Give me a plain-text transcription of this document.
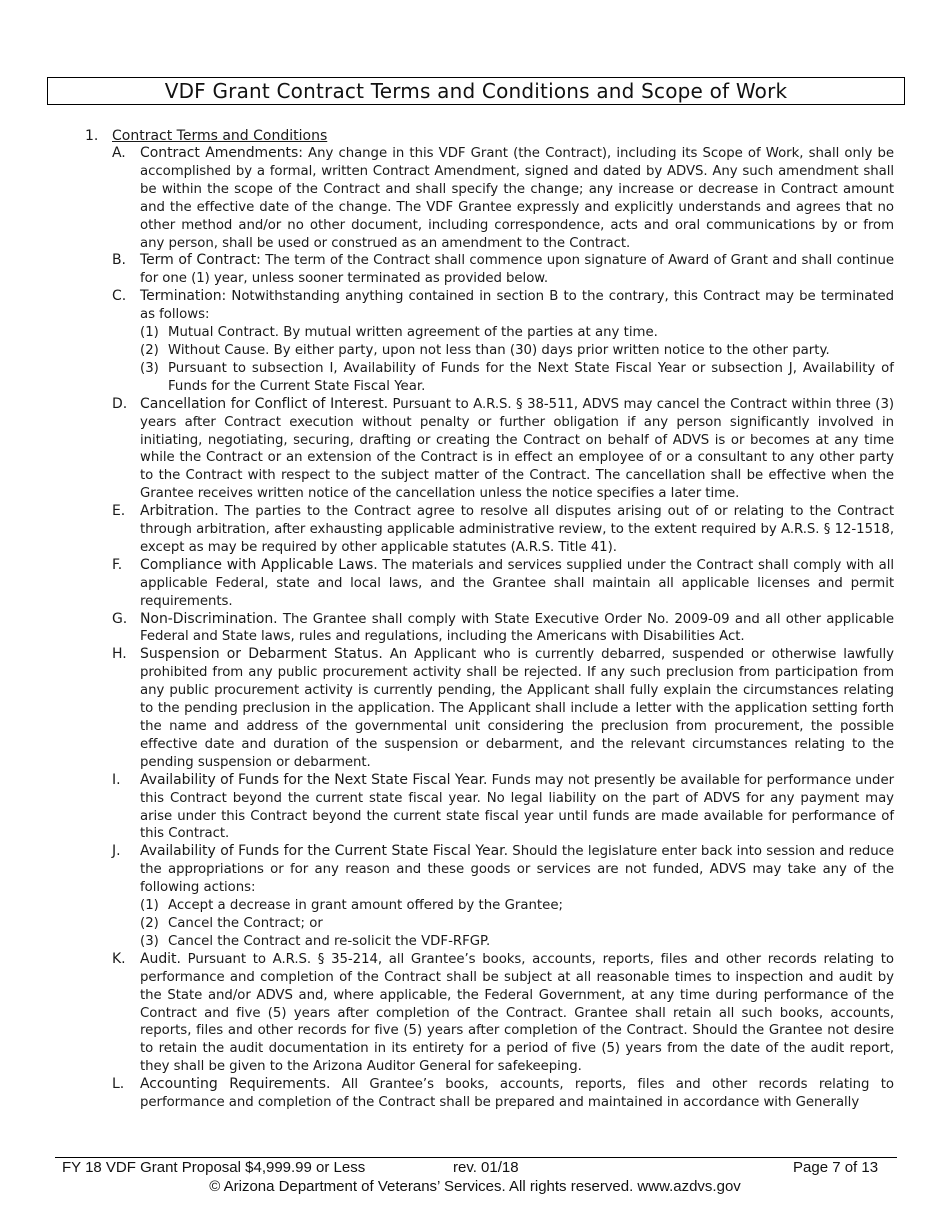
VDF Grant Contract Terms and Conditions and Scope of Work
1. Contract Terms and Conditions
A. Contract Amendments: Any change in this VDF Grant (the Contract), including its Scope of Work, shall only be accomplished by a formal, written Contract Amendment, signed and dated by ADVS. Any such amendment shall be within the scope of the Contract and shall specify the change; any increase or decrease in Contract amount and the effective date of the change. The VDF Grantee expressly and explicitly understands and agrees that no other method and/or no other document, including correspondence, acts and oral communications by or from any person, shall be used or construed as an amendment to the Contract.
B. Term of Contract: The term of the Contract shall commence upon signature of Award of Grant and shall continue for one (1) year, unless sooner terminated as provided below.
C. Termination: Notwithstanding anything contained in section B to the contrary, this Contract may be terminated as follows:
(1) Mutual Contract. By mutual written agreement of the parties at any time.
(2) Without Cause. By either party, upon not less than (30) days prior written notice to the other party.
(3) Pursuant to subsection I, Availability of Funds for the Next State Fiscal Year or subsection J, Availability of Funds for the Current State Fiscal Year.
D. Cancellation for Conflict of Interest. Pursuant to A.R.S. § 38-511, ADVS may cancel the Contract within three (3) years after Contract execution without penalty or further obligation if any person significantly involved in initiating, negotiating, securing, drafting or creating the Contract on behalf of ADVS is or becomes at any time while the Contract or an extension of the Contract is in effect an employee of or a consultant to any other party to the Contract with respect to the subject matter of the Contract. The cancellation shall be effective when the Grantee receives written notice of the cancellation unless the notice specifies a later time.
E. Arbitration. The parties to the Contract agree to resolve all disputes arising out of or relating to the Contract through arbitration, after exhausting applicable administrative review, to the extent required by A.R.S. § 12-1518, except as may be required by other applicable statutes (A.R.S. Title 41).
F. Compliance with Applicable Laws. The materials and services supplied under the Contract shall comply with all applicable Federal, state and local laws, and the Grantee shall maintain all applicable licenses and permit requirements.
G. Non-Discrimination. The Grantee shall comply with State Executive Order No. 2009-09 and all other applicable Federal and State laws, rules and regulations, including the Americans with Disabilities Act.
H. Suspension or Debarment Status. An Applicant who is currently debarred, suspended or otherwise lawfully prohibited from any public procurement activity shall be rejected. If any such preclusion from participation from any public procurement activity is currently pending, the Applicant shall fully explain the circumstances relating to the pending preclusion in the application. The Applicant shall include a letter with the application setting forth the name and address of the governmental unit considering the preclusion from procurement, the possible effective date and duration of the suspension or debarment, and the relevant circumstances relating to the pending suspension or debarment.
I. Availability of Funds for the Next State Fiscal Year. Funds may not presently be available for performance under this Contract beyond the current state fiscal year. No legal liability on the part of ADVS for any payment may arise under this Contract beyond the current state fiscal year until funds are made available for performance of this Contract.
J. Availability of Funds for the Current State Fiscal Year. Should the legislature enter back into session and reduce the appropriations or for any reason and these goods or services are not funded, ADVS may take any of the following actions:
(1) Accept a decrease in grant amount offered by the Grantee;
(2) Cancel the Contract; or
(3) Cancel the Contract and re-solicit the VDF-RFGP.
K. Audit. Pursuant to A.R.S. § 35-214, all Grantee’s books, accounts, reports, files and other records relating to performance and completion of the Contract shall be subject at all reasonable times to inspection and audit by the State and/or ADVS and, where applicable, the Federal Government, at any time during performance of the Contract and five (5) years after completion of the Contract. Grantee shall retain all such books, accounts, reports, files and other records for five (5) years after completion of the Contract. Should the Grantee not desire to retain the audit documentation in its entirety for a period of five (5) years from the date of the audit report, they shall be given to the Arizona Auditor General for safekeeping.
L. Accounting Requirements. All Grantee’s books, accounts, reports, files and other records relating to performance and completion of the Contract shall be prepared and maintained in accordance with Generally
FY 18 VDF Grant Proposal $4,999.99 or Less	rev. 01/18	Page 7 of 13
© Arizona Department of Veterans’ Services. All rights reserved. www.azdvs.gov
